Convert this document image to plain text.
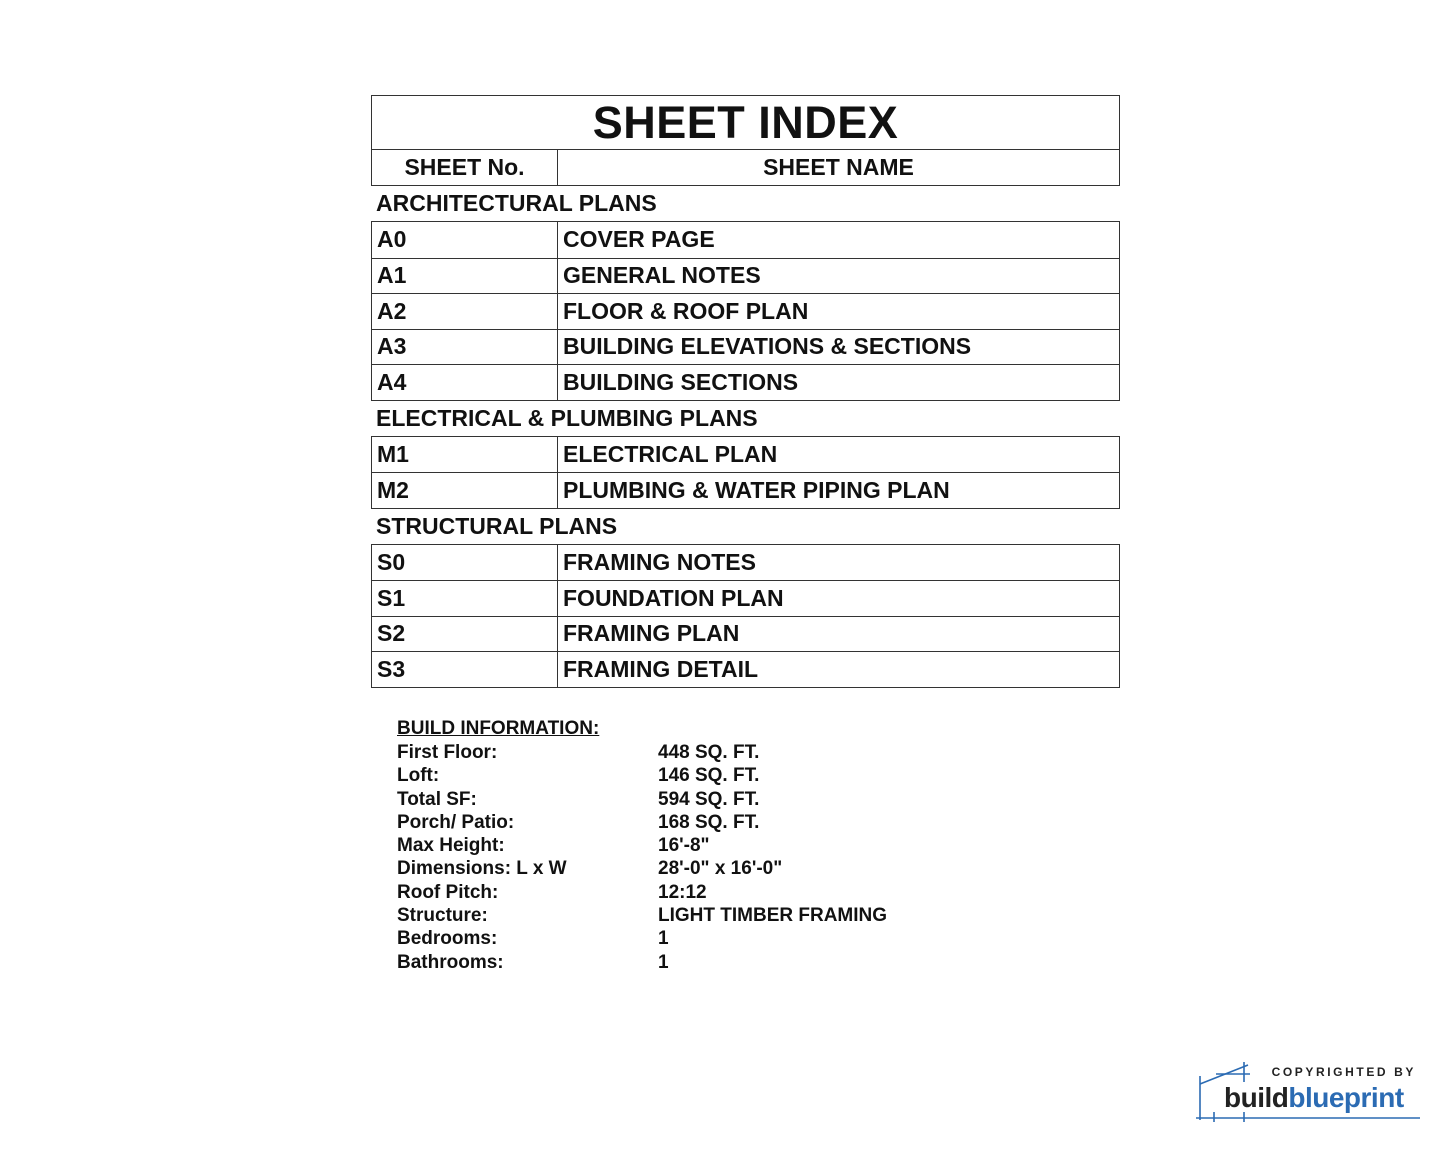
SHEET INDEX
SHEET No.	SHEET NAME
ARCHITECTURAL PLANS
A0	COVER PAGE
A1	GENERAL NOTES
A2	FLOOR & ROOF PLAN
A3	BUILDING ELEVATIONS & SECTIONS
A4	BUILDING SECTIONS
ELECTRICAL & PLUMBING PLANS
M1	ELECTRICAL PLAN
M2	PLUMBING & WATER PIPING PLAN
STRUCTURAL PLANS
S0	FRAMING NOTES
S1	FOUNDATION PLAN
S2	FRAMING PLAN
S3	FRAMING DETAIL
BUILD INFORMATION:
First Floor:	448 SQ. FT.
Loft:	146 SQ. FT.
Total SF:	594 SQ. FT.
Porch/ Patio:	168 SQ. FT.
Max Height:	16'-8"
Dimensions: L x W	28'-0" x 16'-0"
Roof Pitch:	12:12
Structure:	LIGHT TIMBER FRAMING
Bedrooms:	1
Bathrooms:	1
COPYRIGHTED BY
buildblueprint
